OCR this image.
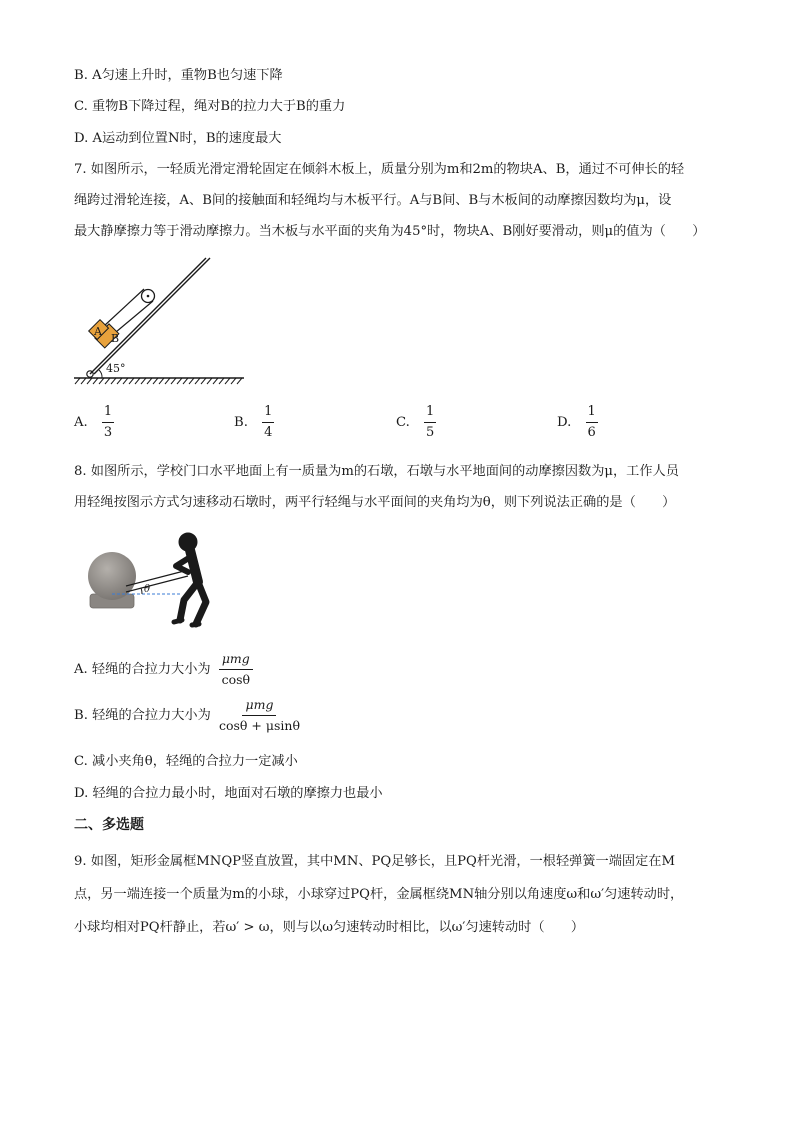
B. A匀速上升时，重物B也匀速下降
C. 重物B下降过程，绳对B的拉力大于B的重力
D. A运动到位置N时，B的速度最大
7. 如图所示，一轻质光滑定滑轮固定在倾斜木板上，质量分别为m和2m的物块A、B，通过不可伸长的轻
绳跨过滑轮连接，A、B间的接触面和轻绳均与木板平行。A与B间、B与木板间的动摩擦因数均为μ，设
最大静摩擦力等于滑动摩擦力。当木板与水平面的夹角为45°时，物块A、B刚好要滑动，则μ的值为（　　）
A
B
45°
A. $\frac{1}{3}$	B. $\frac{1}{4}$	C. $\frac{1}{5}$	D. $\frac{1}{6}$
8. 如图所示，学校门口水平地面上有一质量为m的石墩，石墩与水平地面间的动摩擦因数为μ，工作人员
用轻绳按图示方式匀速移动石墩时，两平行轻绳与水平面间的夹角均为θ，则下列说法正确的是（　　）
θ
A. 轻绳的合拉力大小为 $\frac{\text{μmg}}{\cos\theta}$
B. 轻绳的合拉力大小为 $\frac{\text{μmg}}{\cos\theta + \mu\sin\theta}$
C. 减小夹角θ，轻绳的合拉力一定减小
D. 轻绳的合拉力最小时，地面对石墩的摩擦力也最小
二、多选题
9. 如图，矩形金属框MNQP竖直放置，其中MN、PQ足够长，且PQ杆光滑，一根轻弹簧一端固定在M
点，另一端连接一个质量为m的小球，小球穿过PQ杆，金属框绕MN轴分别以角速度ω和ω′匀速转动时，
小球均相对PQ杆静止，若ω′ > ω，则与以ω匀速转动时相比，以ω′匀速转动时（　　）
